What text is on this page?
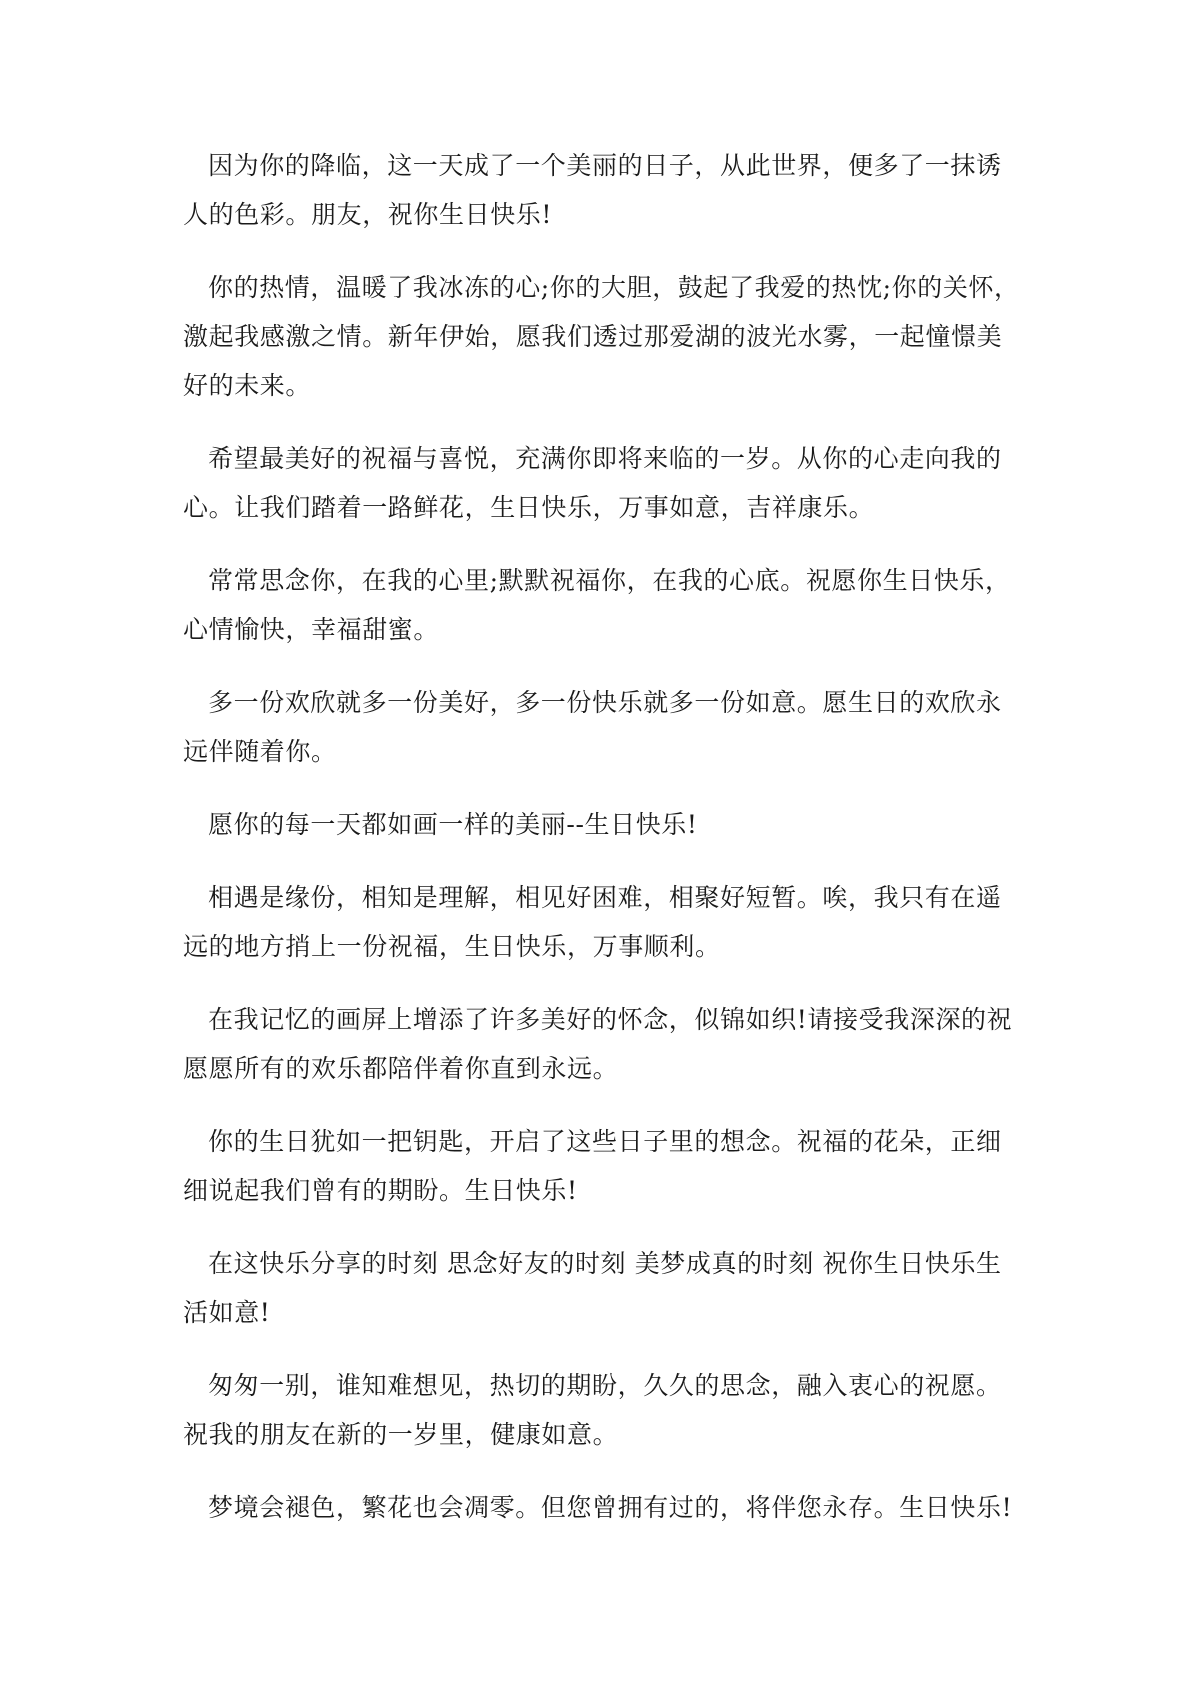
因为你的降临，这一天成了一个美丽的日子，从此世界，便多了一抹诱人的色彩。朋友，祝你生日快乐!

你的热情，温暖了我冰冻的心;你的大胆，鼓起了我爱的热忱;你的关怀，激起我感激之情。新年伊始，愿我们透过那爱湖的波光水雾，一起憧憬美好的未来。

希望最美好的祝福与喜悦，充满你即将来临的一岁。从你的心走向我的心。让我们踏着一路鲜花，生日快乐，万事如意，吉祥康乐。

常常思念你，在我的心里;默默祝福你，在我的心底。祝愿你生日快乐，心情愉快，幸福甜蜜。

多一份欢欣就多一份美好，多一份快乐就多一份如意。愿生日的欢欣永远伴随着你。

愿你的每一天都如画一样的美丽--生日快乐!

相遇是缘份，相知是理解，相见好困难，相聚好短暂。唉，我只有在遥远的地方捎上一份祝福，生日快乐，万事顺利。

在我记忆的画屏上增添了许多美好的怀念，似锦如织!请接受我深深的祝愿愿所有的欢乐都陪伴着你直到永远。

你的生日犹如一把钥匙，开启了这些日子里的想念。祝福的花朵，正细细说起我们曾有的期盼。生日快乐!

在这快乐分享的时刻 思念好友的时刻 美梦成真的时刻 祝你生日快乐生活如意!

匆匆一别，谁知难想见，热切的期盼，久久的思念，融入衷心的祝愿。祝我的朋友在新的一岁里，健康如意。

梦境会褪色，繁花也会凋零。但您曾拥有过的，将伴您永存。生日快乐!
